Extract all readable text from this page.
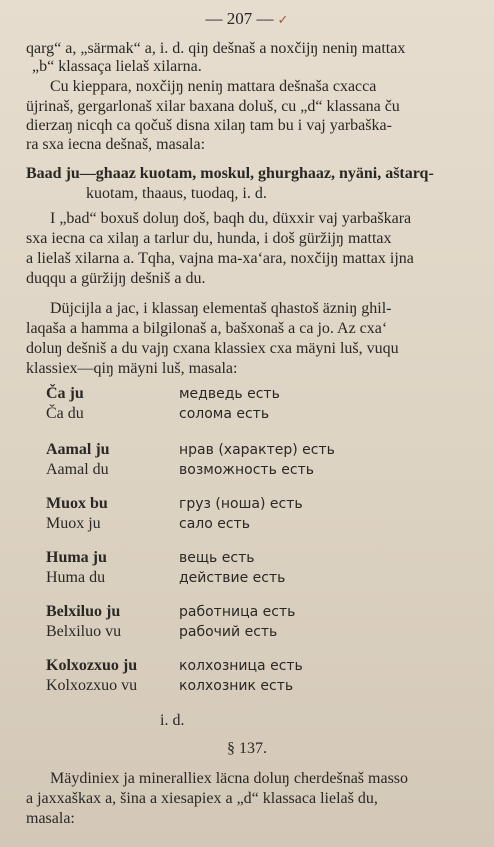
— 207 — ✓
qarg“ a, „särmak“ a, i. d. qiŋ dešnaš a noxčijŋ neniŋ mattax
„b“ klassaça lielaš xilarna.
Cu kieppara, noxčijŋ neniŋ mattara dešnaša cxacca
üjrinaš, gergarlonaš xilar baxana doluš, cu „d“ klassana ču
dierzaŋ nicqh ca qočuš disna xilaŋ tam bu i vaj yarbaška-
ra sxa iecna dešnaš, masala:
Baad ju—ghaaz kuotam, moskul, ghurghaaz, nyäni, aštarq-
kuotam, thaaus, tuodaq, i. d.
I „bad“ boxuš doluŋ doš, baqh du, düxxir vaj yarbaškara
sxa iecna ca xilaŋ a tarlur du, hunda, i doš güržijŋ mattax
a lielaš xilarna a. Tqha, vajna ma-xa‘ara, noxčijŋ mattax ijna
duqqu a güržijŋ dešniš a du.
Düjcijla a jac, i klassaŋ elementaš qhastoš äzniŋ ghil-
laqaša a hamma a bilgilonaš a, bašxonaš a ca jo. Az cxa‘
doluŋ dešniš a du vajŋ cxana klassiex cxa mäyni luš, vuqu
klassiex—qiŋ mäyni luš, masala:
Ča ju	медведь есть
Ča du	солома есть
Aamal ju	нрав (характер) есть
Aamal du	возможность есть
Muox bu	груз (ноша) есть
Muox ju	сало есть
Huma ju	вещь есть
Huma du	действие есть
Belxiluo ju	работница есть
Belxiluo vu	рабочий есть
Kolxozxuo ju	колхозница есть
Kolxozxuo vu	колхозник есть
i. d.
§ 137.
Mäydiniex ja minerallieх läcna doluŋ cherdešnaš masso
a jaxxaškax a, šina a xiesapiex a „d“ klassaca lielaš du,
masala:
